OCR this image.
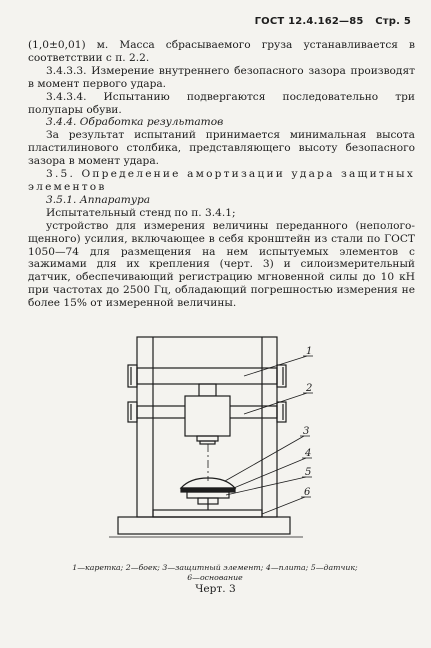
ГОСТ 12.4.162—85 Стр. 5

(1,0±0,01) м. Масса сбрасываемого груза устанавливается в соответствии с п. 2.2.

3.4.3.3. Измерение внутреннего безопасного зазора производят в момент первого удара.

3.4.3.4. Испытанию подвергаются последовательно три полупары обуви.

3.4.4. Обработка результатов

За результат испытаний принимается минимальная высота пластилинового столбика, представляющего высоту безопасного зазора в момент удара.

3.5. Определение амортизации удара защитных элементов

3.5.1. Аппаратура

Испытательный стенд по п. 3.4.1;

устройство для измерения величины переданного (непологощенного) усилия, включающее в себя кронштейн из стали по ГОСТ 1050—74 для размещения на нем испытуемых элементов с зажимами для их крепления (черт. 3) и силоизмерительный датчик, обеспечивающий регистрацию мгновенной силы до 10 кН при частотах до 2500 Гц, обладающий погрешностью измерения не более 15% от измеренной величины.

1
2
3
4
5
6
1—каретка; 2—боек; 3—защитный элемент; 4—плита; 5—датчик; 6—основание
Черт. 3
